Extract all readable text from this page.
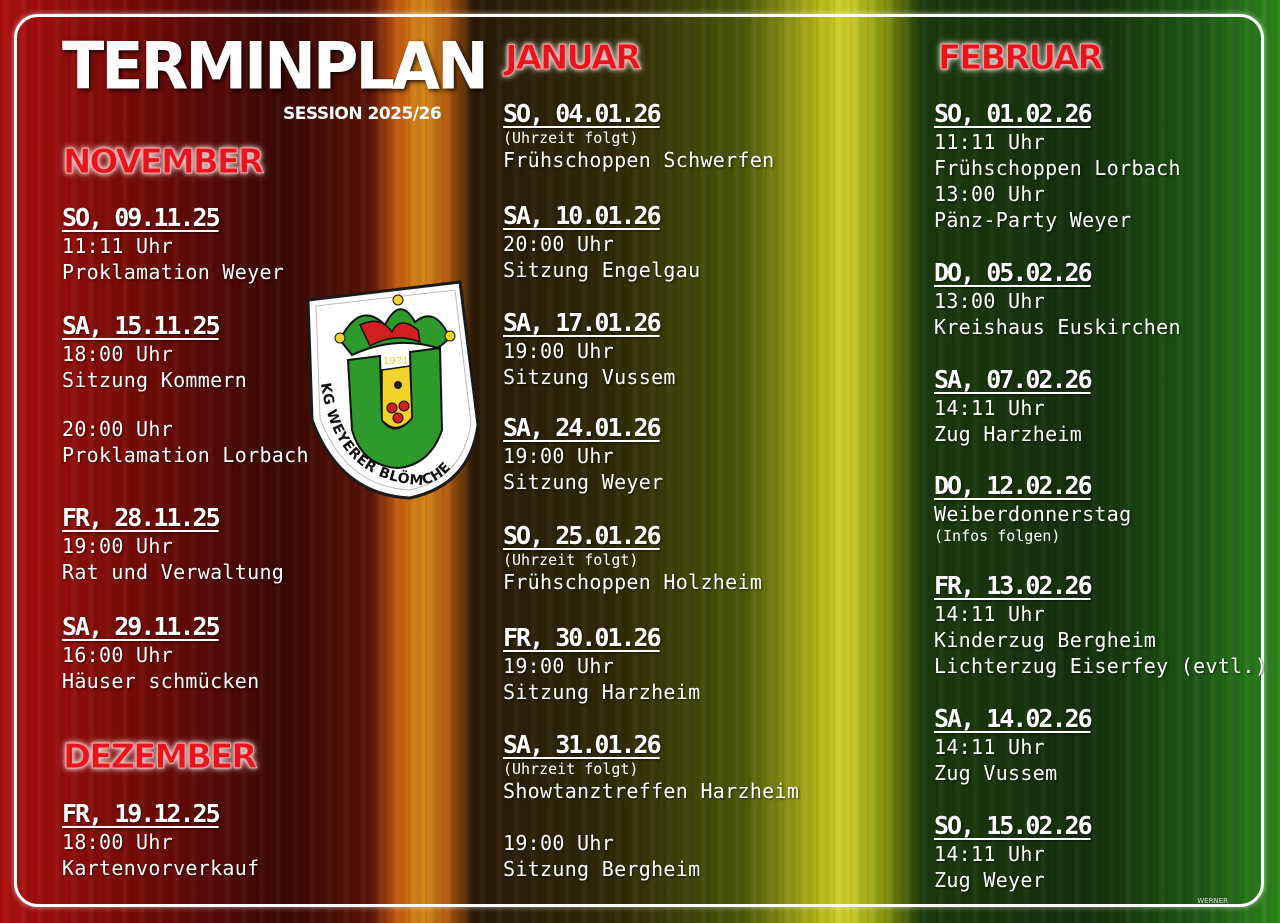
TERMINPLAN
SESSION 2025/26
NOVEMBER
DEZEMBER
JANUAR	FEBRUAR
SO, 09.11.25
11:11 Uhr
Proklamation Weyer
SA, 15.11.25
18:00 Uhr
Sitzung Kommern
20:00 Uhr
Proklamation Lorbach
FR, 28.11.25
19:00 Uhr
Rat und Verwaltung
SA, 29.11.25
16:00 Uhr
Häuser schmücken
FR, 19.12.25
18:00 Uhr
Kartenvorverkauf
SO, 04.01.26
(Uhrzeit folgt)
Frühschoppen Schwerfen
SA, 10.01.26
20:00 Uhr
Sitzung Engelgau
SA, 17.01.26
19:00 Uhr
Sitzung Vussem
SA, 24.01.26
19:00 Uhr
Sitzung Weyer
SO, 25.01.26
(Uhrzeit folgt)
Frühschoppen Holzheim
FR, 30.01.26
19:00 Uhr
Sitzung Harzheim
SA, 31.01.26
(Uhrzeit folgt)
Showtanztreffen Harzheim
19:00 Uhr
Sitzung Bergheim
SO, 01.02.26
11:11 Uhr
Frühschoppen Lorbach
13:00 Uhr
Pänz-Party Weyer
DO, 05.02.26
13:00 Uhr
Kreishaus Euskirchen
SA, 07.02.26
14:11 Uhr
Zug Harzheim
DO, 12.02.26
Weiberdonnerstag
(Infos folgen)
FR, 13.02.26
14:11 Uhr
Kinderzug Bergheim
Lichterzug Eiserfey (evtl.)
SA, 14.02.26
14:11 Uhr
Zug Vussem
SO, 15.02.26
14:11 Uhr
Zug Weyer
1971
KG WEYERER BLÖMCHE
WERNER
